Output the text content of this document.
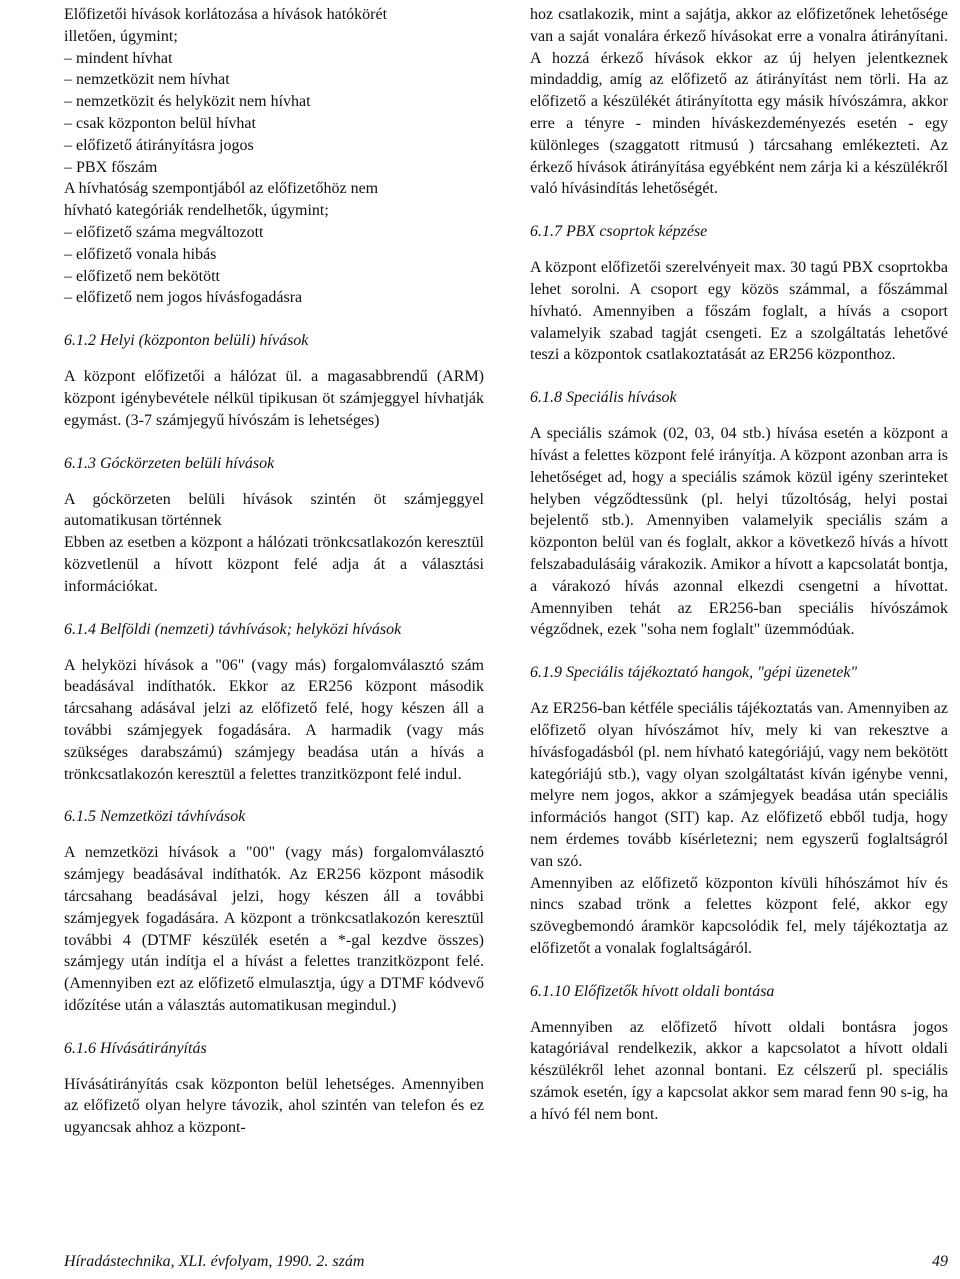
Előfizetői hívások korlátozása a hívások hatókörét
illetően, úgymint;
– mindent hívhat
– nemzetközit nem hívhat
– nemzetközit és helyközit nem hívhat
– csak központon belül hívhat
– előfizető átirányításra jogos
– PBX főszám
A hívhatóság szempontjából az előfizetőhöz nem
hívható kategóriák rendelhetők, úgymint;
– előfizető száma megváltozott
– előfizető vonala hibás
– előfizető nem bekötött
– előfizető nem jogos hívásfogadásra

6.1.2 Helyi (központon belüli) hívások

A központ előfizetői a hálózat ül. a magasabbrendű (ARM) központ igénybevétele nélkül tipikusan öt számjeggyel hívhatják egymást. (3-7 számjegyű hívószám is lehetséges)

6.1.3 Góckörzeten belüli hívások

A góckörzeten belüli hívások szintén öt számjeggyel automatikusan történnek

Ebben az esetben a központ a hálózati trönkcsatlakozón keresztül közvetlenül a hívott központ felé adja át a választási információkat.

6.1.4 Belföldi (nemzeti) távhívások; helyközi hívások

A helyközi hívások a "06" (vagy más) forgalomválasztó szám beadásával indíthatók. Ekkor az ER256 központ második tárcsahang adásával jelzi az előfizető felé, hogy készen áll a további számjegyek fogadására. A harmadik (vagy más szükséges darabszámú) számjegy beadása után a hívás a trönkcsatlakozón keresztül a felettes tranzitközpont felé indul.

6.1.5 Nemzetközi távhívások

A nemzetközi hívások a "00" (vagy más) forgalomválasztó számjegy beadásával indíthatók. Az ER256 központ második tárcsahang beadásával jelzi, hogy készen áll a további számjegyek fogadására. A központ a trönkcsatlakozón keresztül további 4 (DTMF készülék esetén a *-gal kezdve összes) számjegy után indítja el a hívást a felettes tranzitközpont felé. (Amennyiben ezt az előfizető elmulasztja, úgy a DTMF kódvevő időzítése után a választás automatikusan megindul.)

6.1.6 Hívásátirányítás

Hívásátirányítás csak központon belül lehetséges. Amennyiben az előfizető olyan helyre távozik, ahol szintén van telefon és ez ugyancsak ahhoz a központ-

hoz csatlakozik, mint a sajátja, akkor az előfizetőnek lehetősége van a saját vonalára érkező hívásokat erre a vonalra átirányítani. A hozzá érkező hívások ekkor az új helyen jelentkeznek mindaddig, amíg az előfizető az átirányítást nem törli. Ha az előfizető a készülékét átirányította egy másik hívószámra, akkor erre a tényre - minden híváskezdeményezés esetén - egy különleges (szaggatott ritmusú ) tárcsahang emlékezteti. Az érkező hívások átirányítása egyébként nem zárja ki a készülékről való hívásindítás lehetőségét.

6.1.7 PBX csoprtok képzése

A központ előfizetői szerelvényeit max. 30 tagú PBX csoprtokba lehet sorolni. A csoport egy közös számmal, a főszámmal hívható. Amennyiben a főszám foglalt, a hívás a csoport valamelyik szabad tagját csengeti. Ez a szolgáltatás lehetővé teszi a központok csatlakoztatását az ER256 központhoz.

6.1.8 Speciális hívások

A speciális számok (02, 03, 04 stb.) hívása esetén a központ a hívást a felettes központ felé irányítja. A központ azonban arra is lehetőséget ad, hogy a speciális számok közül igény szerinteket helyben végződtessünk (pl. helyi tűzoltóság, helyi postai bejelentő stb.). Amennyiben valamelyik speciális szám a központon belül van és foglalt, akkor a következő hívás a hívott felszabadulásáig várakozik. Amikor a hívott a kapcsolatát bontja, a várakozó hívás azonnal elkezdi csengetni a hívottat. Amennyiben tehát az ER256-ban speciális hívószámok végződnek, ezek "soha nem foglalt" üzemmódúak.

6.1.9 Speciális tájékoztató hangok, "gépi üzenetek"

Az ER256-ban kétféle speciális tájékoztatás van. Amennyiben az előfizető olyan hívószámot hív, mely ki van rekesztve a hívásfogadásból (pl. nem hívható kategóriájú, vagy nem bekötött kategóriájú stb.), vagy olyan szolgáltatást kíván igénybe venni, melyre nem jogos, akkor a számjegyek beadása után speciális információs hangot (SIT) kap. Az előfizető ebből tudja, hogy nem érdemes tovább kísérletezni; nem egyszerű foglaltságról van szó.

Amennyiben az előfizető központon kívüli híhószámot hív és nincs szabad trönk a felettes központ felé, akkor egy szövegbemondó áramkör kapcsolódik fel, mely tájékoztatja az előfizetőt a vonalak foglaltságáról.

6.1.10 Előfizetők hívott oldali bontása

Amennyiben az előfizető hívott oldali bontásra jogos katagóriával rendelkezik, akkor a kapcsolatot a hívott oldali készülékről lehet azonnal bontani. Ez célszerű pl. speciális számok esetén, így a kapcsolat akkor sem marad fenn 90 s-ig, ha a hívó fél nem bont.

Híradástechnika, XLI. évfolyam, 1990. 2. szám	49
